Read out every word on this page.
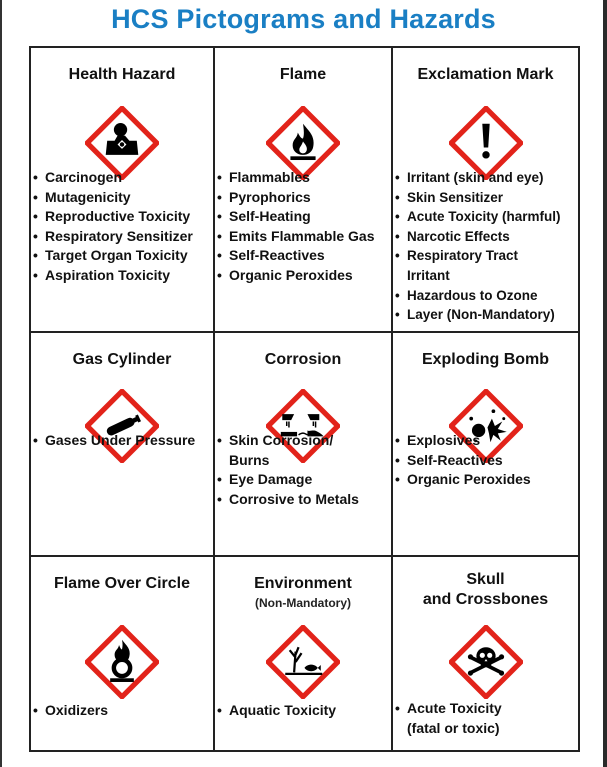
HCS Pictograms and Hazards
Health Hazard
• Carcinogen
• Mutagenicity
• Reproductive Toxicity
• Respiratory Sensitizer
• Target Organ Toxicity
• Aspiration Toxicity
Flame
• Flammables
• Pyrophorics
• Self-Heating
• Emits Flammable Gas
• Self-Reactives
• Organic Peroxides
Exclamation Mark
• Irritant (skin and eye)
• Skin Sensitizer
• Acute Toxicity (harmful)
• Narcotic Effects
• Respiratory Tract
Irritant
• Hazardous to Ozone
• Layer (Non-Mandatory)
Gas Cylinder
• Gases Under Pressure
Corrosion
• Skin Corrosion/
Burns
• Eye Damage
• Corrosive to Metals
Exploding Bomb
• Explosives
• Self-Reactives
• Organic Peroxides
Flame Over Circle
• Oxidizers
Environment
(Non-Mandatory)
• Aquatic Toxicity
Skull
and Crossbones
• Acute Toxicity
(fatal or toxic)
